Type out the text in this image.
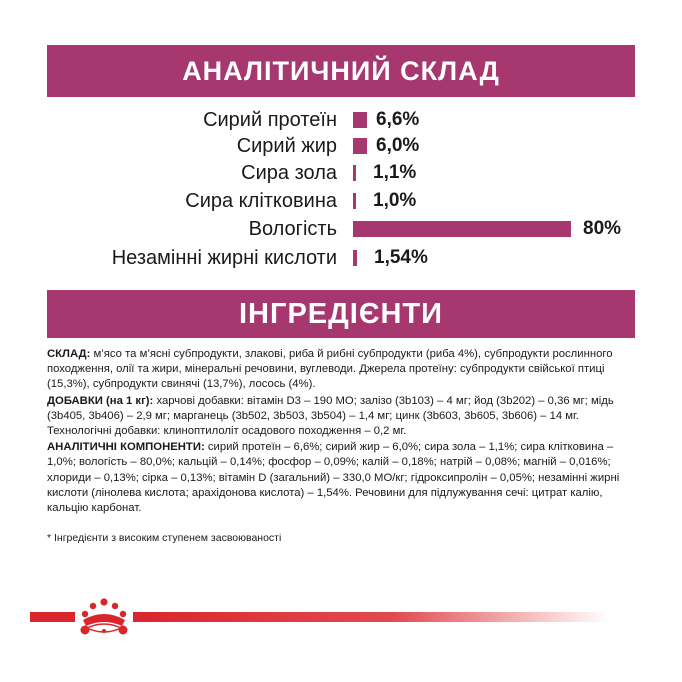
АНАЛІТИЧНИЙ СКЛАД
Сирий протеїн 6,6%
Сирий жир 6,0%
Сира зола 1,1%
Сира клітковина 1,0%
Вологість	80%
Незамінні жирні кислоти 1,54%
ІНГРЕДІЄНТИ

СКЛАД: м’ясо та м’ясні субпродукти, злакові, риба й рибні субпродукти (риба 4%), субпродукти рослинного походження, олії та жири, мінеральні речовини, вуглеводи. Джерела протеїну: субпродукти свійської птиці (15,3%), субпродукти свинячі (13,7%), лосось (4%).

ДОБАВКИ (на 1 кг): харчові добавки: вітамін D3 – 190 МО; залізо (3b103) – 4 мг; йод (3b202) – 0,36 мг; мідь (3b405, 3b406) – 2,9 мг; марганець (3b502, 3b503, 3b504) – 1,4 мг; цинк (3b603, 3b605, 3b606) – 14 мг. Технологічні добавки: клиноптилоліт осадового походження – 0,2 мг.

АНАЛІТИЧНІ КОМПОНЕНТИ: сирий протеїн – 6,6%; сирий жир – 6,0%; сира зола – 1,1%; сира клітковина – 1,0%; вологість – 80,0%; кальцій – 0,14%; фосфор – 0,09%; калій – 0,18%; натрій – 0,08%; магній – 0,016%; хлориди – 0,13%; сірка – 0,13%; вітамін D (загальний) – 330,0 МО/кг; гідроксипролін – 0,05%; незамінні жирні кислоти (лінолева кислота; арахідонова кислота) – 1,54%. Речовини для підлужування сечі: цитрат калію, кальцію карбонат.

* Інгредієнти з високим ступенем засвоюваності
